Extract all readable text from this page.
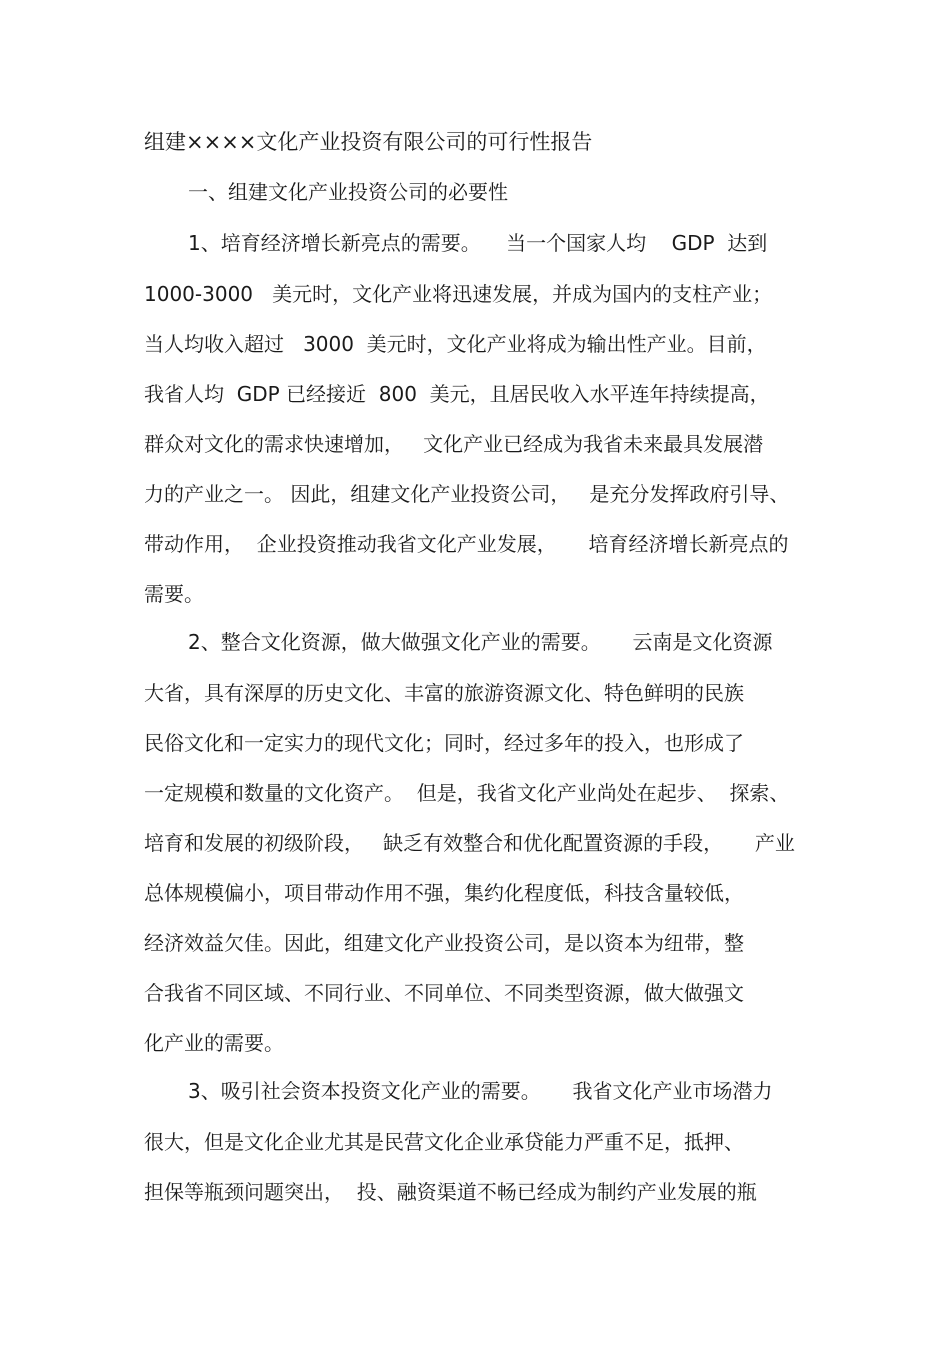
组建××××文化产业投资有限公司的可行性报告
一、组建文化产业投资公司的必要性
1、培育经济增长新亮点的需要。    当一个国家人均    GDP  达到
1000-3000   美元时，文化产业将迅速发展，并成为国内的支柱产业；
当人均收入超过   3000  美元时，文化产业将成为输出性产业。目前，
我省人均  GDP 已经接近  800  美元，且居民收入水平连年持续提高，
群众对文化的需求快速增加，   文化产业已经成为我省未来最具发展潜
力的产业之一。 因此，组建文化产业投资公司，   是充分发挥政府引导、
带动作用，  企业投资推动我省文化产业发展，     培育经济增长新亮点的
需要。
2、整合文化资源，做大做强文化产业的需要。     云南是文化资源
大省，具有深厚的历史文化、丰富的旅游资源文化、特色鲜明的民族
民俗文化和一定实力的现代文化；同时，经过多年的投入，也形成了
一定规模和数量的文化资产。  但是，我省文化产业尚处在起步、  探索、
培育和发展的初级阶段，   缺乏有效整合和优化配置资源的手段，     产业
总体规模偏小，项目带动作用不强，集约化程度低，科技含量较低，
经济效益欠佳。因此，组建文化产业投资公司，是以资本为纽带，整
合我省不同区域、不同行业、不同单位、不同类型资源，做大做强文
化产业的需要。
3、吸引社会资本投资文化产业的需要。     我省文化产业市场潜力
很大，但是文化企业尤其是民营文化企业承贷能力严重不足，抵押、
担保等瓶颈问题突出，  投、融资渠道不畅已经成为制约产业发展的瓶
